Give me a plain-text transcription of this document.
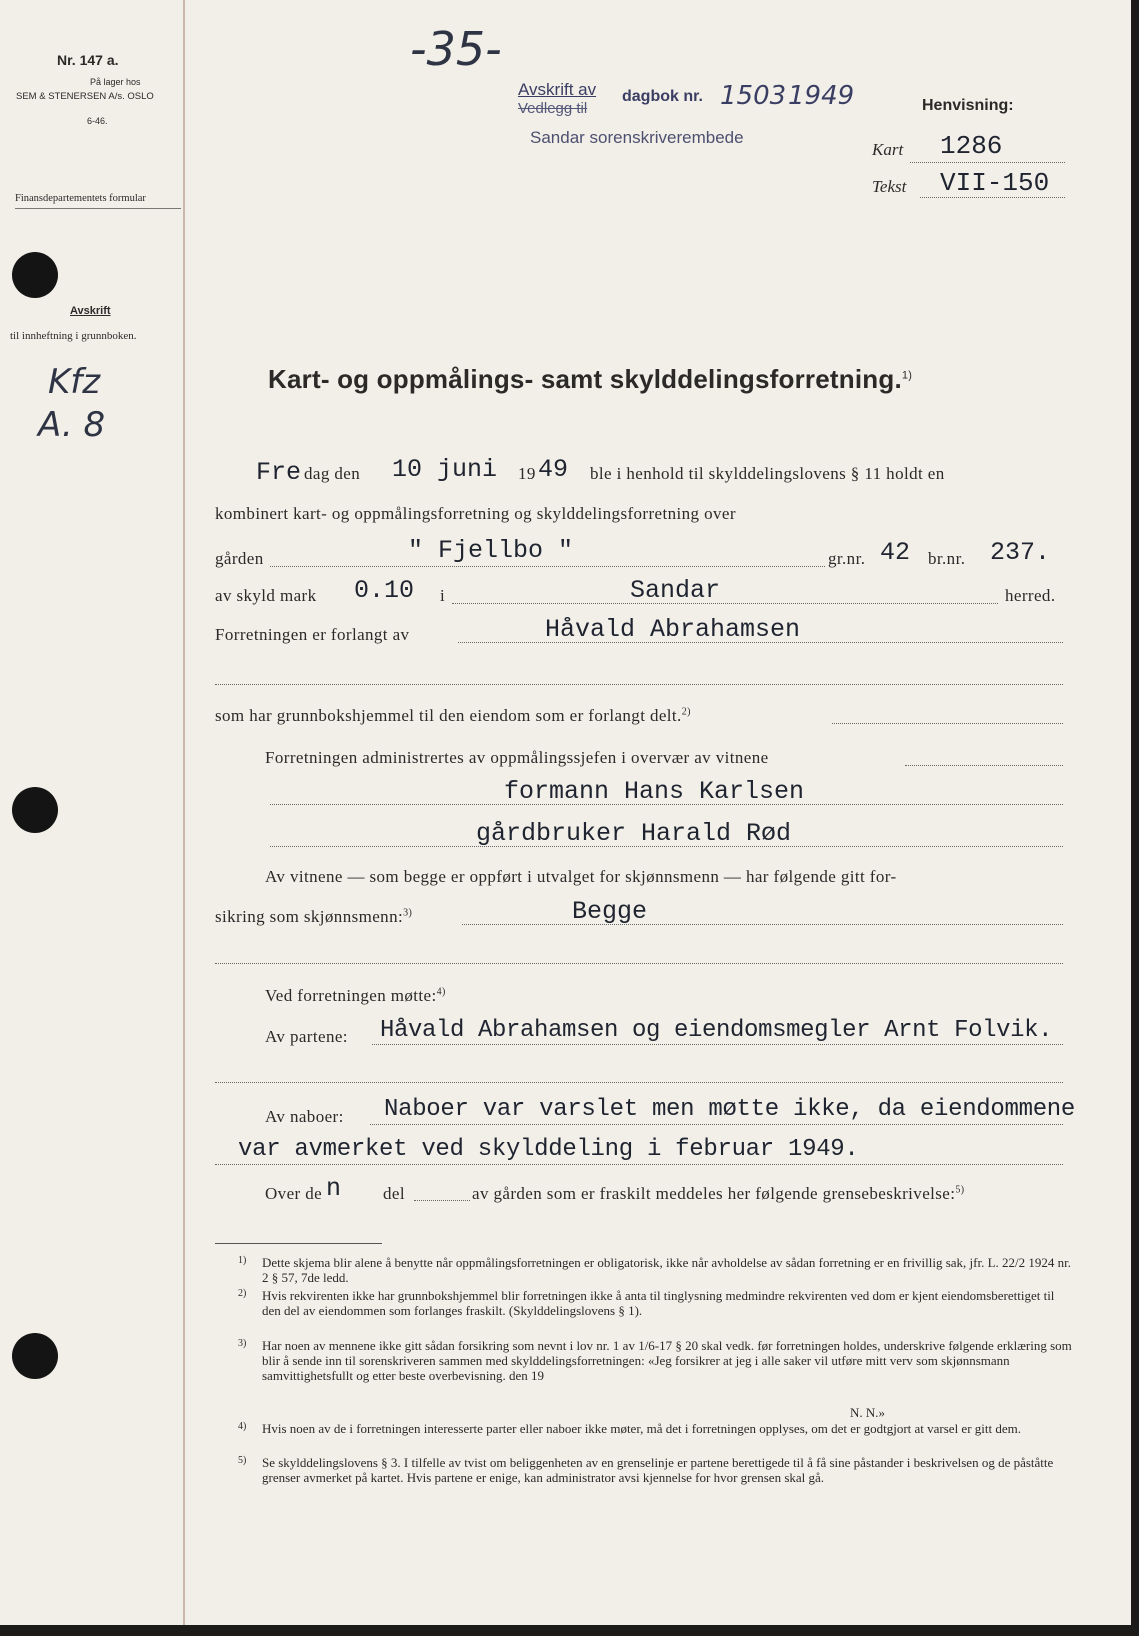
Nr. 147 a.
På lager hos
SEM & STENERSEN A/s. OSLO
6-46.
Finansdepartementets formular
Avskrift
til innheftning i grunnboken.
Kfz
A. 8
-35-
Avskrift av
Vedlegg til
dagbok nr. 1503 1949
Sandar sorenskriverembede
Henvisning:
Kart 1286
Tekst VII-150
Kart- og oppmålings- samt skylddelingsforretning.$^{1)}$
Fre dag den 10 juni 19 49 ble i henhold til skylddelingslovens § 11 holdt en
kombinert kart- og oppmålingsforretning og skylddelingsforretning over
gården	" Fjellbo "	gr.nr. 42 br.nr. 237.
av skyld mark 0.10 i	Sandar	herred.
Forretningen er forlangt av	Håvald Abrahamsen
som har grunnbokshjemmel til den eiendom som er forlangt delt.$^{2)}$
Forretningen administrertes av oppmålingssjefen i overvær av vitnene
formann Hans Karlsen
gårdbruker Harald Rød
Av vitnene — som begge er oppført i utvalget for skjønnsmenn — har følgende gitt for-
sikring som skjønnsmenn:$^{3)}$	Begge
Ved forretningen møtte:$^{4)}$
Av partene: Håvald Abrahamsen og eiendomsmegler Arnt Folvik.
Av naboer: Naboer var varslet men møtte ikke, da eiendommene
var avmerket ved skylddeling i februar 1949.
Over de n del	av gården som er fraskilt meddeles her følgende grensebeskrivelse:$^{5)}$
1) Dette skjema blir alene å benytte når oppmålingsforretningen er obligatorisk, ikke når avholdelse av sådan forretning er en frivillig sak, jfr. L. 22/2 1924 nr. 2 § 57, 7de ledd.
2) Hvis rekvirenten ikke har grunnbokshjemmel blir forretningen ikke å anta til tinglysning medmindre rekvirenten ved dom er kjent eiendomsberettiget til den del av eiendommen som forlanges fraskilt. (Skylddelingslovens § 1).
3) Har noen av mennene ikke gitt sådan forsikring som nevnt i lov nr. 1 av 1/6-17 § 20 skal vedk. før forretningen holdes, underskrive følgende erklæring som blir å sende inn til sorenskriveren sammen med skylddelingsforretningen: «Jeg forsikrer at jeg i alle saker vil utføre mitt verv som skjønnsmann samvittighetsfullt og etter beste overbevisning. den 19
N. N.»
4) Hvis noen av de i forretningen interesserte parter eller naboer ikke møter, må det i forretningen opplyses, om det er godtgjort at varsel er gitt dem.
5) Se skylddelingslovens § 3. I tilfelle av tvist om beliggenheten av en grenselinje er partene berettigede til å få sine påstander i beskrivelsen og de påståtte grenser avmerket på kartet. Hvis partene er enige, kan administrator avsi kjennelse for hvor grensen skal gå.
